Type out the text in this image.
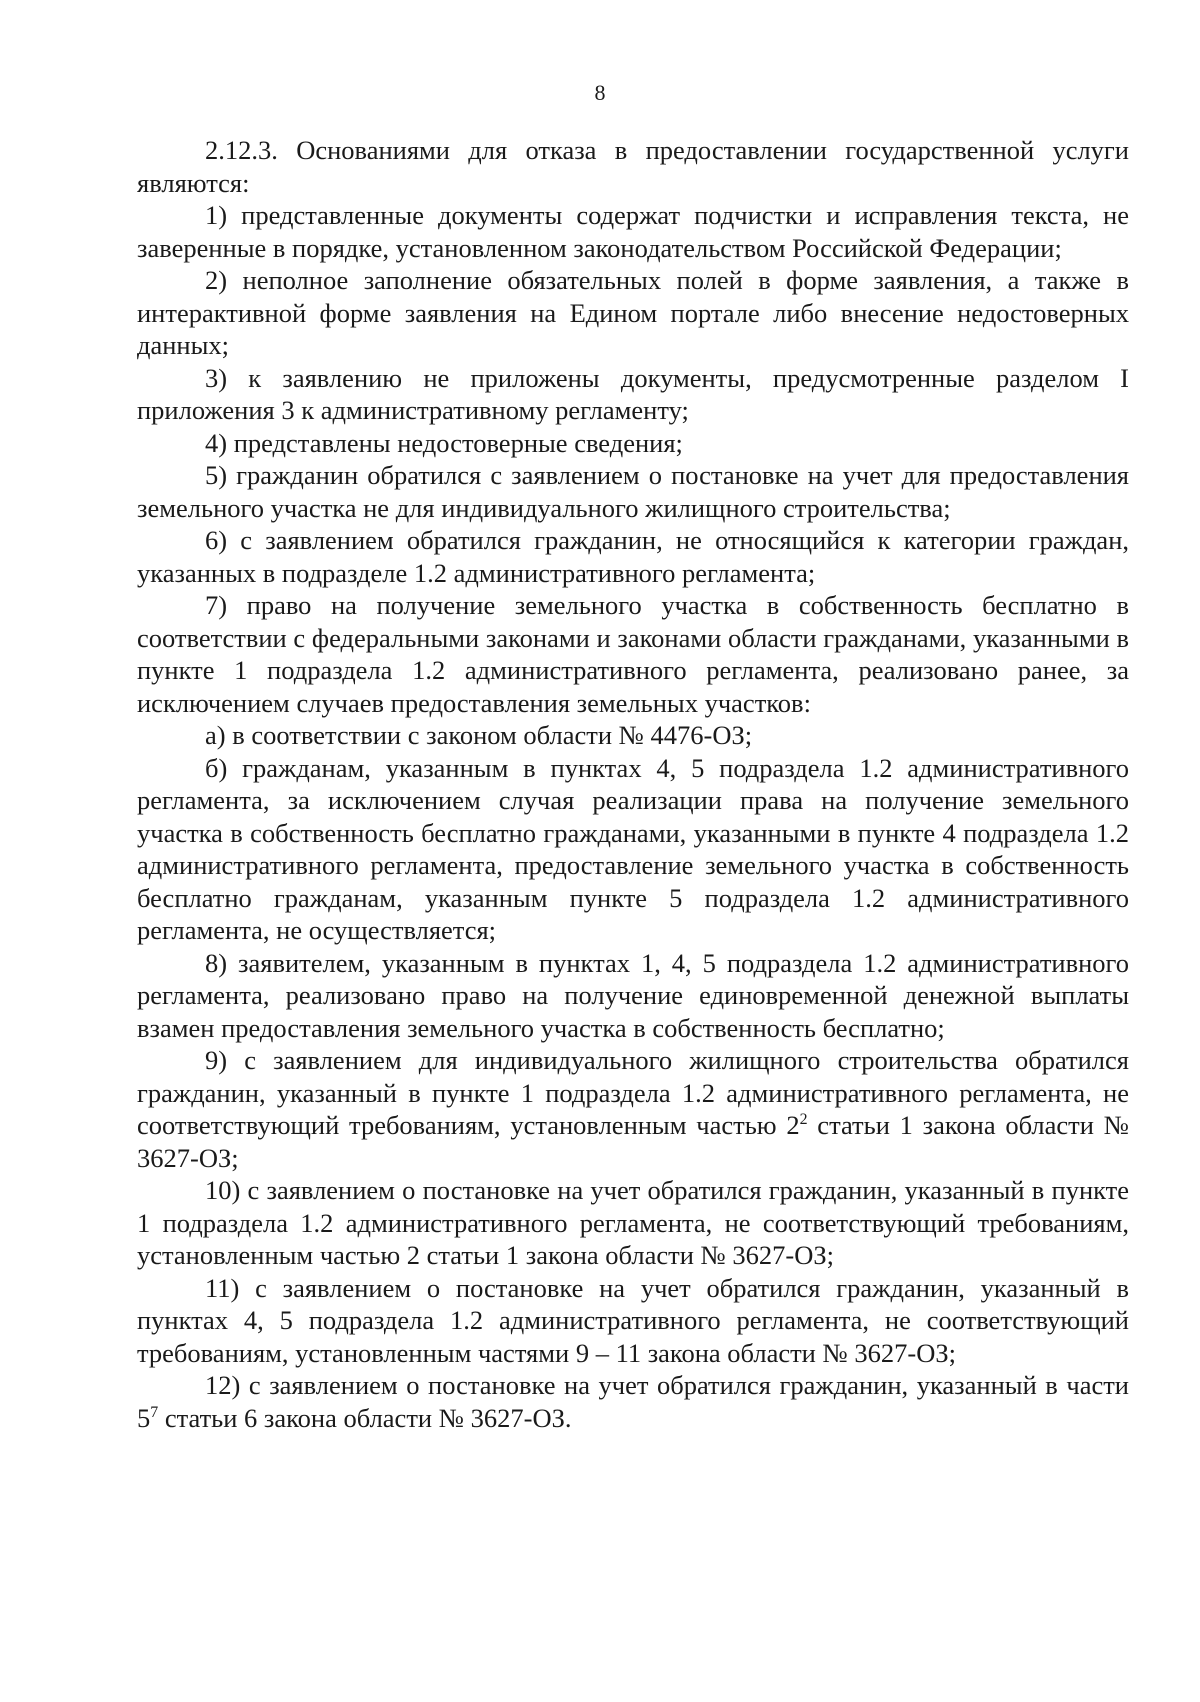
8

2.12.3. Основаниями для отказа в предоставлении государственной услуги являются:

1) представленные документы содержат подчистки и исправления текста, не заверенные в порядке, установленном законодательством Российской Федерации;

2) неполное заполнение обязательных полей в форме заявления, а также в интерактивной форме заявления на Едином портале либо внесение недостоверных данных;

3) к заявлению не приложены документы, предусмотренные разделом I приложения 3 к административному регламенту;

4) представлены недостоверные сведения;

5) гражданин обратился с заявлением о постановке на учет для предоставления земельного участка не для индивидуального жилищного строительства;

6) с заявлением обратился гражданин, не относящийся к категории граждан, указанных в подразделе 1.2 административного регламента;

7) право на получение земельного участка в собственность бесплатно в соответствии с федеральными законами и законами области гражданами, указанными в пункте 1 подраздела 1.2 административного регламента, реализовано ранее, за исключением случаев предоставления земельных участков:

а) в соответствии с законом области № 4476-ОЗ;

б) гражданам, указанным в пунктах 4, 5 подраздела 1.2 административного регламента, за исключением случая реализации права на получение земельного участка в собственность бесплатно гражданами, указанными в пункте 4 подраздела 1.2 административного регламента, предоставление земельного участка в собственность бесплатно гражданам, указанным пункте 5 подраздела 1.2 административного регламента, не осуществляется;

8) заявителем, указанным в пунктах 1, 4, 5 подраздела 1.2 административного регламента, реализовано право на получение единовременной денежной выплаты взамен предоставления земельного участка в собственность бесплатно;

9) с заявлением для индивидуального жилищного строительства обратился гражданин, указанный в пункте 1 подраздела 1.2 административного регламента, не соответствующий требованиям, установленным частью $2^2$ статьи 1 закона области № 3627-ОЗ;

10) с заявлением о постановке на учет обратился гражданин, указанный в пункте 1 подраздела 1.2 административного регламента, не соответствующий требованиям, установленным частью 2 статьи 1 закона области № 3627-ОЗ;

11) с заявлением о постановке на учет обратился гражданин, указанный в пунктах 4, 5 подраздела 1.2 административного регламента, не соответствующий требованиям, установленным частями 9 – 11 закона области № 3627-ОЗ;

12) с заявлением о постановке на учет обратился гражданин, указанный в части $5^7$ статьи 6 закона области № 3627-ОЗ.
